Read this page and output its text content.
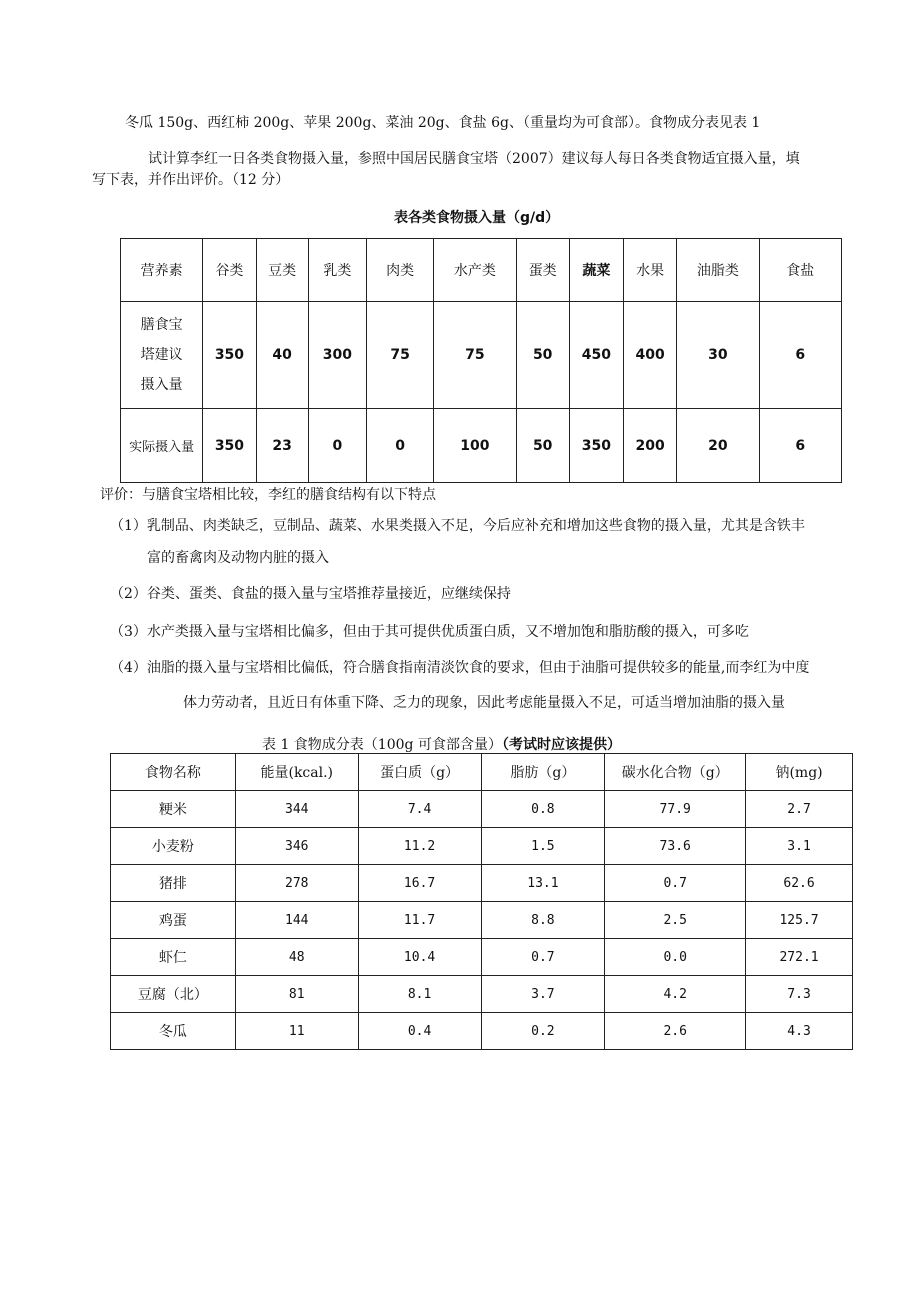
冬瓜 150g、西红柿 200g、苹果 200g、菜油 20g、食盐 6g、（重量均为可食部）。食物成分表见表 1
试计算李红一日各类食物摄入量，参照中国居民膳食宝塔（2007）建议每人每日各类食物适宜摄入量，填
写下表，并作出评价。（12 分）
表各类食物摄入量（g/d）
营养素	谷类	豆类	乳类	肉类	水产类	蛋类	蔬菜	水果	油脂类	食盐

膳食宝
塔建议
摄入量	350	40	300	75	75	50	450	400	30	6
实际摄入量	350	23	0	0	100	50	350	200	20	6
评价：与膳食宝塔相比较，李红的膳食结构有以下特点
（1）乳制品、肉类缺乏，豆制品、蔬菜、水果类摄入不足，今后应补充和增加这些食物的摄入量，尤其是含铁丰
富的畜禽肉及动物内脏的摄入
（2）谷类、蛋类、食盐的摄入量与宝塔推荐量接近，应继续保持
（3）水产类摄入量与宝塔相比偏多，但由于其可提供优质蛋白质，又不增加饱和脂肪酸的摄入，可多吃
（4）油脂的摄入量与宝塔相比偏低，符合膳食指南清淡饮食的要求，但由于油脂可提供较多的能量,而李红为中度
体力劳动者，且近日有体重下降、乏力的现象，因此考虑能量摄入不足，可适当增加油脂的摄入量
表 1 食物成分表（100g 可食部含量）（考试时应该提供）
食物名称	能量(kcal.)	蛋白质（g）	脂肪（g）	碳水化合物（g）	钠(mg)
粳米	344	7.4	0.8	77.9	2.7
小麦粉	346	11.2	1.5	73.6	3.1
猪排	278	16.7	13.1	0.7	62.6
鸡蛋	144	11.7	8.8	2.5	125.7
虾仁	48	10.4	0.7	0.0	272.1
豆腐（北）	81	8.1	3.7	4.2	7.3
冬瓜	11	0.4	0.2	2.6	4.3
